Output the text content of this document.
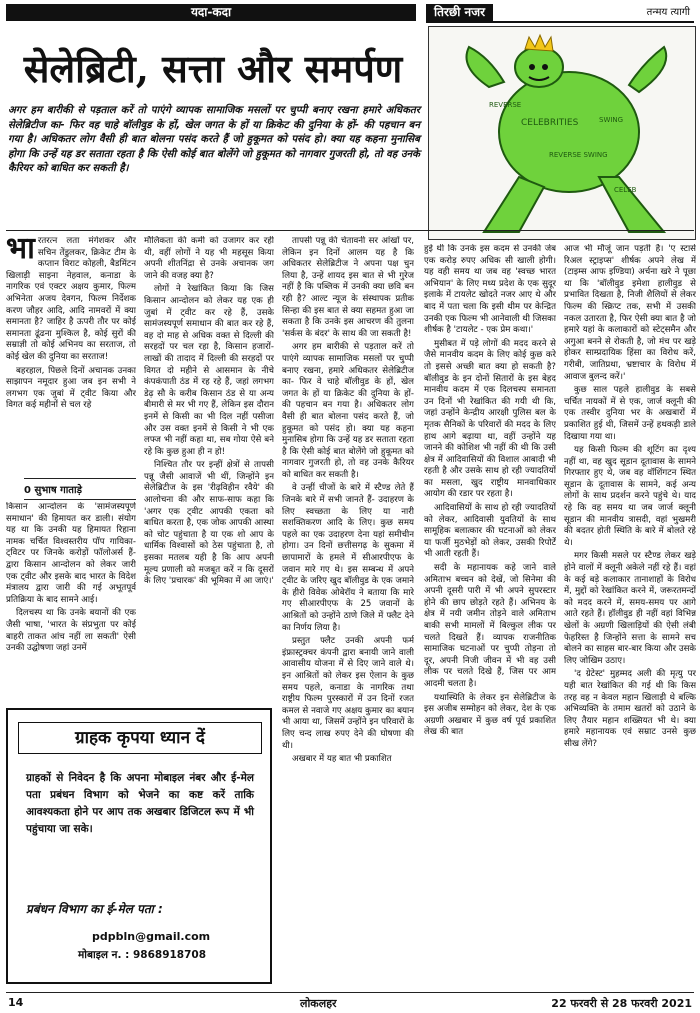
यदा-कदा
सेलेब्रिटी, सत्ता और समर्पण
तिरछी नजर	तन्मय त्यागी
CELEBRITIES
REVERSE
SWING
REVERSE SWING
CELEB
अगर हम बारीकी से पड़ताल करें तो पाएंगे व्यापक सामाजिक मसलों पर चुप्पी बनाए रखना हमारे अधिकतर सेलेब्रिटीज का- फिर वह चाहे बॉलीवुड के हों, खेल जगत के हों या क्रिकेट की दुनिया के हों- की पहचान बन गया है। अधिकतर लोग वैसी ही बात बोलना पसंद करते हैं जो हुकूमत को पसंद हो। क्या यह कहना मुनासिब होगा कि उन्हें यह डर सताता रहता है कि ऐसी कोई बात बोलेंगे जो हुकूमत को नागवार गुजरती हो, तो वह उनके कैरियर को बाधित कर सकती है।
भा रतरत्न लता मंगेशकर और सचिन तेंडुलकर, क्रिकेट टीम के कप्तान विराट कोहली, बैडमिंटन खिलाड़ी साइना नेहवाल, कनाडा के नागरिक एवं एक्टर अक्षय कुमार, फिल्म अभिनेता अजय देवगन, फिल्म निर्देशक करण जौहर आदि, आदि नामवरों में क्या समानता है? जाहिर है ऊपरी तौर पर कोई समानता ढूंढना मुश्किल है, कोई सुरों की सम्राज्ञी तो कोई अभिनय का सरताज, तो कोई खेल की दुनिया का सरताज!

बहरहाल, पिछले दिनों अचानक उनका साझापन नमूदार हुआ जब इन सभी ने लगभग एक जुबां में ट्वीट किया और विगत कई महीनों से चल रहे

0 सुभाष गाताड़े

किसान आन्दोलन के 'सामंजस्यपूर्ण समाधान' की हिमायत कर डाली। संयोग यह था कि उनकी यह हिमायत रिहाना नामक चर्चित विश्वस्तरीय पॉप गायिका-ट्विटर पर जिनके करोड़ों फॉलोअर्स हैं- द्वारा किसान आन्दोलन को लेकर जारी एक ट्वीट और इसके बाद भारत के विदेश मंत्रालय द्वारा जारी की गई अभूतपूर्व प्रतिक्रिया के बाद सामने आई।

दिलचस्प था कि उनके बयानों की एक जैसी भाषा, 'भारत के संप्रभुता पर कोई बाहरी ताकत आंच नहीं ला सकती' ऐसी उनकी उद्घोषणा जहां उनमें

मौलिकता की कमी को उजागर कर रही थी, वहीं लोगों ने यह भी महसूस किया अपनी शीतनिंद्रा से उनके अचानक जग जाने की वजह क्या है?

लोगों ने रेखांकित किया कि जिस किसान आन्दोलन को लेकर यह एक ही जुबां में ट्वीट कर रहे हैं, उसके सामंजस्यपूर्ण समाधान की बात कर रहे हैं, वह दो माह से अधिक वक्त से दिल्ली की सरहदों पर चल रहा है, किसान हजारों-लाखों की तादाद में दिल्ली की सरहदों पर विगत दो महीने से आसमान के नीचे कंपकंपाती ठंड में रह रहे हैं, जहां लगभग डेढ़ सौ के करीब किसान ठंड से या अन्य बीमारी से मर भी गए हैं, लेकिन इस दौरान इनमें से किसी का भी दिल नहीं पसीजा और उस वक्त इनमें से किसी ने भी एक लफ्ज भी नहीं कहा था, सब गोया ऐसे बने रहे कि कुछ हुआ ही न हो!

निश्चित तौर पर इन्हीं क्षेत्रों से तापसी पन्नू जैसी आवाजें भी थीं, जिन्होंने इन सेलेब्रिटीज के इस 'रीढ़विहीन रवैये' की आलोचना की और साफ-साफ कहा कि 'अगर एक ट्वीट आपकी एकता को बाधित करता है, एक जोक आपकी आस्था को चोट पहुंचाता है या एक शो आप के धार्मिक विश्वासों को ठेस पहुंचाता है, तो इसका मतलब यही है कि आप अपनी मूल्य प्रणाली को मजबूत करें न कि दूसरों के लिए 'प्रचारक' की भूमिका में आ जाएं।'

तापसी पन्नू की चेतावनी सर आंखों पर, लेकिन इन दिनों आलम यह है कि अधिकतर सेलेब्रिटीज ने अपना पक्ष चुन लिया है, उन्हें शायद इस बात से भी गुरेज नहीं है कि पब्लिक में उनकी क्या छवि बन रही है? आल्ट न्यूज के संस्थापक प्रतीक सिन्हा की इस बात से क्या सहमत हुआ जा सकता है कि उनके इस आचरण की तुलना 'सर्कस के बंदर' के साथ की जा सकती है!

अगर हम बारीकी से पड़ताल करें तो पाएंगे व्यापक सामाजिक मसलों पर चुप्पी बनाए रखना, हमारे अधिकतर सेलेब्रिटीज का- फिर वे चाहे बॉलीवुड के हों, खेल जगत के हों या क्रिकेट की दुनिया के हों- की पहचान बन गया है। अधिकतर लोग वैसी ही बात बोलना पसंद करते हैं, जो हुकूमत को पसंद हो। क्या यह कहना मुनासिब होगा कि उन्हें यह डर सताता रहता है कि ऐसी कोई बात बोलेंगे जो हुकूमत को नागवार गुजरती हो, तो वह उनके कैरियर को बाधित कर सकती है।

वे उन्हीं चीजों के बारे में स्टैण्ड लेते हैं जिनके बारे में सभी जानते हैं- उदाहरण के लिए स्वच्छता के लिए या नारी सशक्तिकरण आदि के लिए। कुछ समय पहले का एक उदाहरण देना यहां समीचीन होगा। उन दिनों छत्तीसगढ़ के सुकमा में छापामारों के हमले में सीआरपीएफ के जवान मारे गए थे। इस सम्बन्ध में अपने ट्वीट के जरिए खुद बॉलीवुड के एक जमाने के हीरो विवेक ओबेरॉय ने बताया कि मारे गए सीआरपीएफ के 25 जवानों के आश्रितों को उन्होंने ठाणे जिले में फ्लैट देने का निर्णय लिया है।

प्रस्तुत फ्लैट उनकी अपनी फर्म इंफ्रास्ट्रक्चर कंपनी द्वारा बनायी जाने वाली आवासीय योजना में से दिए जाने वाले थे। इन आश्रितों को लेकर इस ऐलान के कुछ समय पहले, कनाडा के नागरिक तथा राष्ट्रीय फिल्म पुरस्कारों में उन दिनों रजत कमल से नवाजे गए अक्षय कुमार का बयान भी आया था, जिसमें उन्होंने इन परिवारों के लिए चन्द लाख रुपए देने की घोषणा की थी।

अखबार में यह बात भी प्रकाशित

हुई थी कि उनके इस कदम से उनकी जेब एक करोड़ रुपए अधिक सी खाली होगी। यह वही समय था जब वह 'स्वच्छ भारत अभियान' के लिए मध्य प्रदेश के एक सुदूर इलाके में टायलेट खोदते नजर आए थे और बाद में पता चला कि इसी थीम पर केन्द्रित उनकी एक फिल्म भी आनेवाली थी जिसका शीर्षक है 'टायलेट - एक प्रेम कथा।'

मुसीबत में पड़े लोगों की मदद करने से जैसे मानवीय कदम के लिए कोई कुछ करे तो इससे अच्छी बात क्या हो सकती है? बॉलीवुड के इन दोनों सितारों के इस बेहद मानवीय कदम में एक दिलचस्प समानता उन दिनों भी रेखांकित की गयी थी कि, जहां उन्होंने केन्द्रीय आरक्षी पुलिस बल के मृतक सैनिकों के परिवारों की मदद के लिए हाथ आगे बढ़ाया था, वहीं उन्होंने यह जानने की कोशिश भी नहीं की थी कि उसी क्षेत्र में आदिवासियों की विशाल आबादी भी रहती है और उसके साथ हो रही ज्यादतियों का मसला, खुद राष्ट्रीय मानवाधिकार आयोग की रडार पर रहता है।

आदिवासियों के साथ हो रही ज्यादतियों को लेकर, आदिवासी युवतियों के साथ सामूहिक बलात्कार की घटनाओं को लेकर या फर्जी मुठभेड़ों को लेकर, उसकी रिपोर्टें भी आती रहती हैं।

सदी के महानायक कहे जाने वाले अमिताभ बच्चन को देखें, जो सिनेमा की अपनी दूसरी पारी में भी अपने सुपरस्टार होने की छाप छोड़ते रहते हैं। अभिनय के क्षेत्र में नयी जमीन तोड़ने वाले अमिताभ बाकी सभी मामलों में बिल्कुल लीक पर चलते दिखते हैं। व्यापक राजनीतिक सामाजिक घटनाओं पर चुप्पी तोड़ना तो दूर, अपनी निजी जीवन में भी वह उसी लीक पर चलते दिखे हैं, जिस पर आम आदमी चलता है।

यथास्थिति के लेकर इन सेलेब्रिटीज के इस अजीब सम्मोहन को लेकर, देश के एक अग्रणी अखबार में कुछ वर्ष पूर्व प्रकाशित लेख की बात

आज भी मौजूं जान पड़ती है। 'ए स्टार्स रिअल स्ट्राइप्स' शीर्षक अपने लेख में (टाइम्स आफ इण्डिया) अर्चना खरे ने पूछा था कि 'बॉलीवुड इमेशा हालीवुड से प्रभावित दिखता है, निजी शैलियों से लेकर फिल्म की स्क्रिप्ट तक, सभी में उसकी नकल उतारता है, फिर ऐसी क्या बात है जो हमारे यहां के कलाकारों को स्टेट्समैन और अगुआ बनने से रोकती है, जो मंच पर खड़े होकर साम्प्रदायिक हिंसा का विरोध करें, गरीबी, जातिप्रथा, भ्रष्टाचार के विरोध में आवाज बुलन्द करें।'

कुछ साल पहले हालीवुड के सबसे चर्चित नायकों में से एक, जार्ज क्लूनी की एक तस्वीर दुनिया भर के अखबारों में प्रकाशित हुई थी, जिसमें उन्हें हथकड़ी डाले दिखाया गया था।

यह किसी फिल्म की शूटिंग का दृश्य नहीं था, वह खुद सूडान दूतावास के सामने गिरफ्तार हुए थे, जब वह वॉशिंगटन स्थित सूडान के दूतावास के सामने, कई अन्य लोगों के साथ प्रदर्शन करने पहुंचे थे। याद रहे कि वह समय था जब जार्ज क्लूनी सूडान की मानवीय त्रासदी, वहां भुखमरी की बदतर होती स्थिति के बारे में बोलते रहे थे।

मगर किसी मसले पर स्टैण्ड लेकर खड़े होने वालों में क्लूनी अकेले नहीं रहे हैं। वहां के कई बड़े कलाकार तानाशाहों के विरोध में, मुद्दों को रेखांकित करने में, जरूरतमन्दों को मदद करने में, समय-समय पर आगे आते रहते हैं। हॉलीवुड ही नहीं वहां विभिन्न खेलों के अग्रणी खिलाड़ियों की ऐसी लंबी फेहरिस्त है जिन्होंने सत्ता के सामने सच बोलने का साहस बार-बार किया और उसके लिए जोखिम उठाए।

'द ग्रेटेस्ट' मुहम्मद अली की मृत्यु पर यही बात रेखांकित की गई थी कि किस तरह वह न केवल महान खिलाड़ी थे बल्कि अभिव्यक्ति के तमाम खतरों को उठाने के लिए तैयार महान शख्सियत भी थे। क्या हमारे महानायक एवं सम्राट उनसे कुछ सीख लेंगे?

ग्राहक कृपया ध्यान दें
ग्राहकों से निवेदन है कि अपना मोबाइल नंबर और ई-मेल पता प्रबंधन विभाग को भेजने का कष्ट करें ताकि आवश्यकता होने पर आप तक अखबार डिजिटल रूप में भी पहुंचाया जा सके।
प्रबंधन विभाग का ई-मेल पता :
pdpbln@gmail.com
मोबाइल न. : 9868918708
14	लोकलहर	22 फरवरी से 28 फरवरी 2021
